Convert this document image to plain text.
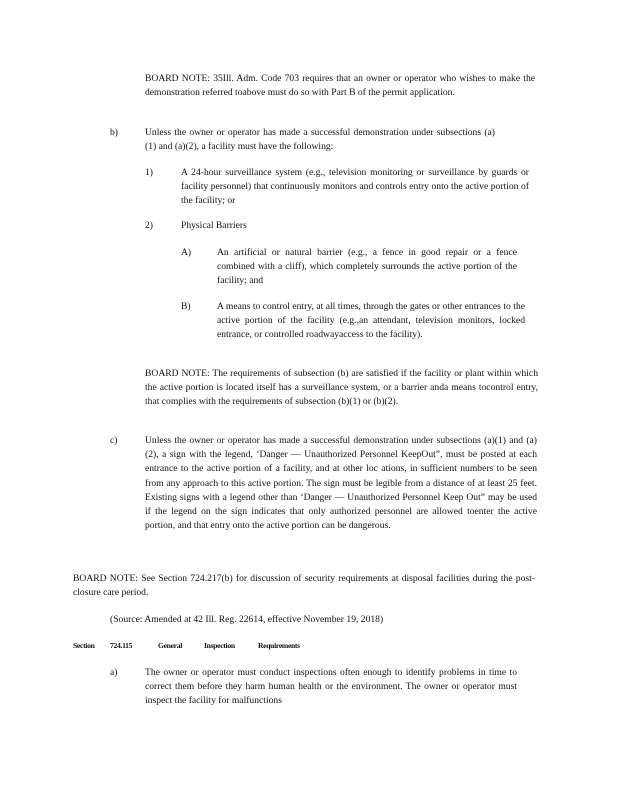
BOARD NOTE: 35Ill. Adm. Code 703 requires that an owner or operator who wishes to make the demonstration referred toabove must do so with Part B of the permit application.
b)	Unless the owner or operator has made a successful demonstration under subsections (a)(1) and (a)(2), a facility must have the following:
1)	A 24-hour surveillance system (e.g., television monitoring or surveillance by guards or facility personnel) that continuously monitors and controls entry onto the active portion of the facility; or
2)	Physical Barriers
A)	An artificial or natural barrier (e.g., a fence in good repair or a fence combined with a cliff), which completely surrounds the active portion of the facility; and
B)	A means to control entry, at all times, through the gates or other entrances to the active portion of the facility (e.g.,an attendant, television monitors, locked entrance, or controlled roadwayaccess to the facility).
BOARD NOTE: The requirements of subsection (b) are satisfied if the facility or plant within which the active portion is located itself has a surveillance system, or a barrier anda means tocontrol entry, that complies with the requirements of subsection (b)(1) or (b)(2).
c)	Unless the owner or operator has made a successful demonstration under subsections (a)(1) and (a)(2), a sign with the legend, ‘Danger — Unauthorized Personnel KeepOut”, must be posted at each entrance to the active portion of a facility, and at other loc ations, in sufficient numbers to be seen from any approach to this active portion. The sign must be legible from a distance of at least 25 feet. Existing signs with a legend other than ‘Danger — Unauthorized Personnel Keep Out” may be used if the legend on the sign indicates that only authorized personnel are allowed toenter the active portion, and that entry onto the active portion can be dangerous.
BOARD NOTE: See Section 724.217(b) for discussion of security requirements at disposal facilities during the post-closure care period.
(Source: Amended at 42 Ill. Reg. 22614, effective November 19, 2018)
Section 724.115	General	Inspection	Requirements
a)	The owner or operator must conduct inspections often enough to identify problems in time to correct them before they harm human health or the environment. The owner or operator must inspect the facility for malfunctions
